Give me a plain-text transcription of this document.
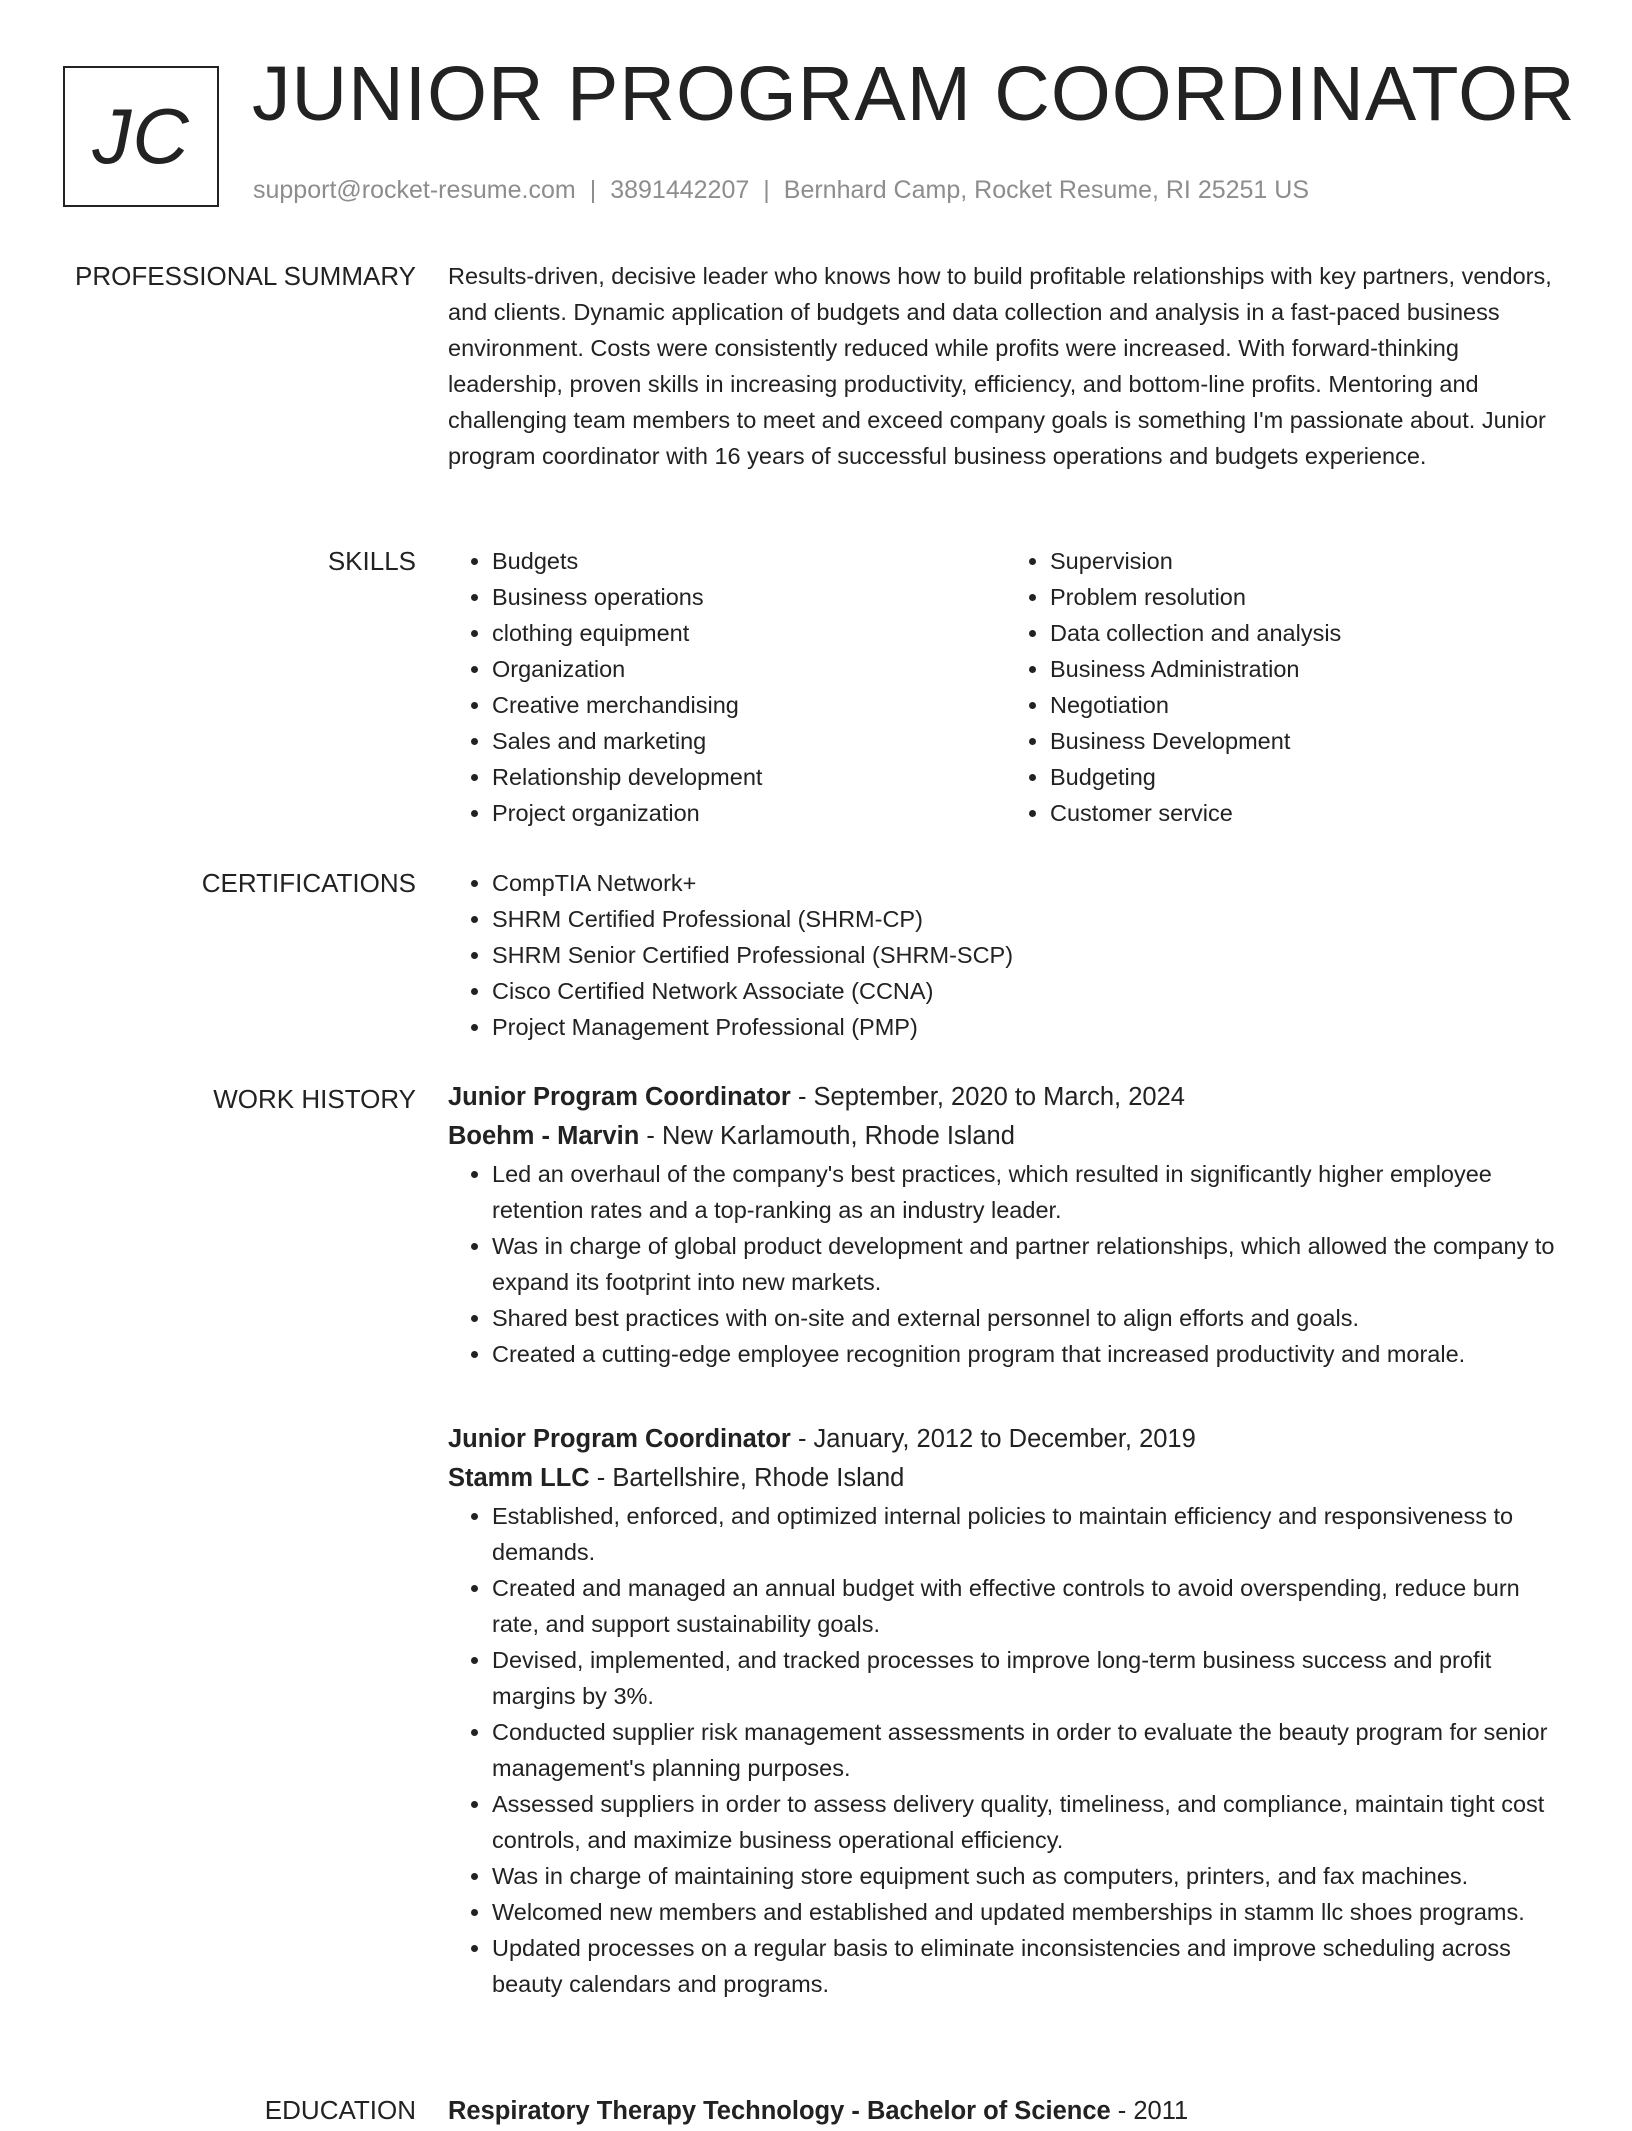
JC JUNIOR PROGRAM COORDINATOR
support@rocket-resume.com | 3891442207 | Bernhard Camp, Rocket Resume, RI 25251 US
PROFESSIONAL SUMMARY Results-driven, decisive leader who knows how to build profitable relationships with key partners, vendors, and clients. Dynamic application of budgets and data collection and analysis in a fast-paced business environment. Costs were consistently reduced while profits were increased. With forward-thinking leadership, proven skills in increasing productivity, efficiency, and bottom-line profits. Mentoring and challenging team members to meet and exceed company goals is something I'm passionate about. Junior program coordinator with 16 years of successful business operations and budgets experience.
SKILLS	• Budgets
• Business operations
• clothing equipment
• Organization
• Creative merchandising
• Sales and marketing
• Relationship development
• Project organization
• Supervision
• Problem resolution
• Data collection and analysis
• Business Administration
• Negotiation
• Business Development
• Budgeting
• Customer service
CERTIFICATIONS	• CompTIA Network+
• SHRM Certified Professional (SHRM-CP)
• SHRM Senior Certified Professional (SHRM-SCP)
• Cisco Certified Network Associate (CCNA)
• Project Management Professional (PMP)
WORK HISTORY Junior Program Coordinator - September, 2020 to March, 2024
Boehm - Marvin - New Karlamouth, Rhode Island
• Led an overhaul of the company's best practices, which resulted in significantly higher employee retention rates and a top-ranking as an industry leader.
• Was in charge of global product development and partner relationships, which allowed the company to expand its footprint into new markets.
• Shared best practices with on-site and external personnel to align efforts and goals.
• Created a cutting-edge employee recognition program that increased productivity and morale.
Junior Program Coordinator - January, 2012 to December, 2019
Stamm LLC - Bartellshire, Rhode Island
• Established, enforced, and optimized internal policies to maintain efficiency and responsiveness to demands.
• Created and managed an annual budget with effective controls to avoid overspending, reduce burn rate, and support sustainability goals.
• Devised, implemented, and tracked processes to improve long-term business success and profit margins by 3%.
• Conducted supplier risk management assessments in order to evaluate the beauty program for senior management's planning purposes.
• Assessed suppliers in order to assess delivery quality, timeliness, and compliance, maintain tight cost controls, and maximize business operational efficiency.
• Was in charge of maintaining store equipment such as computers, printers, and fax machines.
• Welcomed new members and established and updated memberships in stamm llc shoes programs.
• Updated processes on a regular basis to eliminate inconsistencies and improve scheduling across beauty calendars and programs.
EDUCATION Respiratory Therapy Technology - Bachelor of Science - 2011
